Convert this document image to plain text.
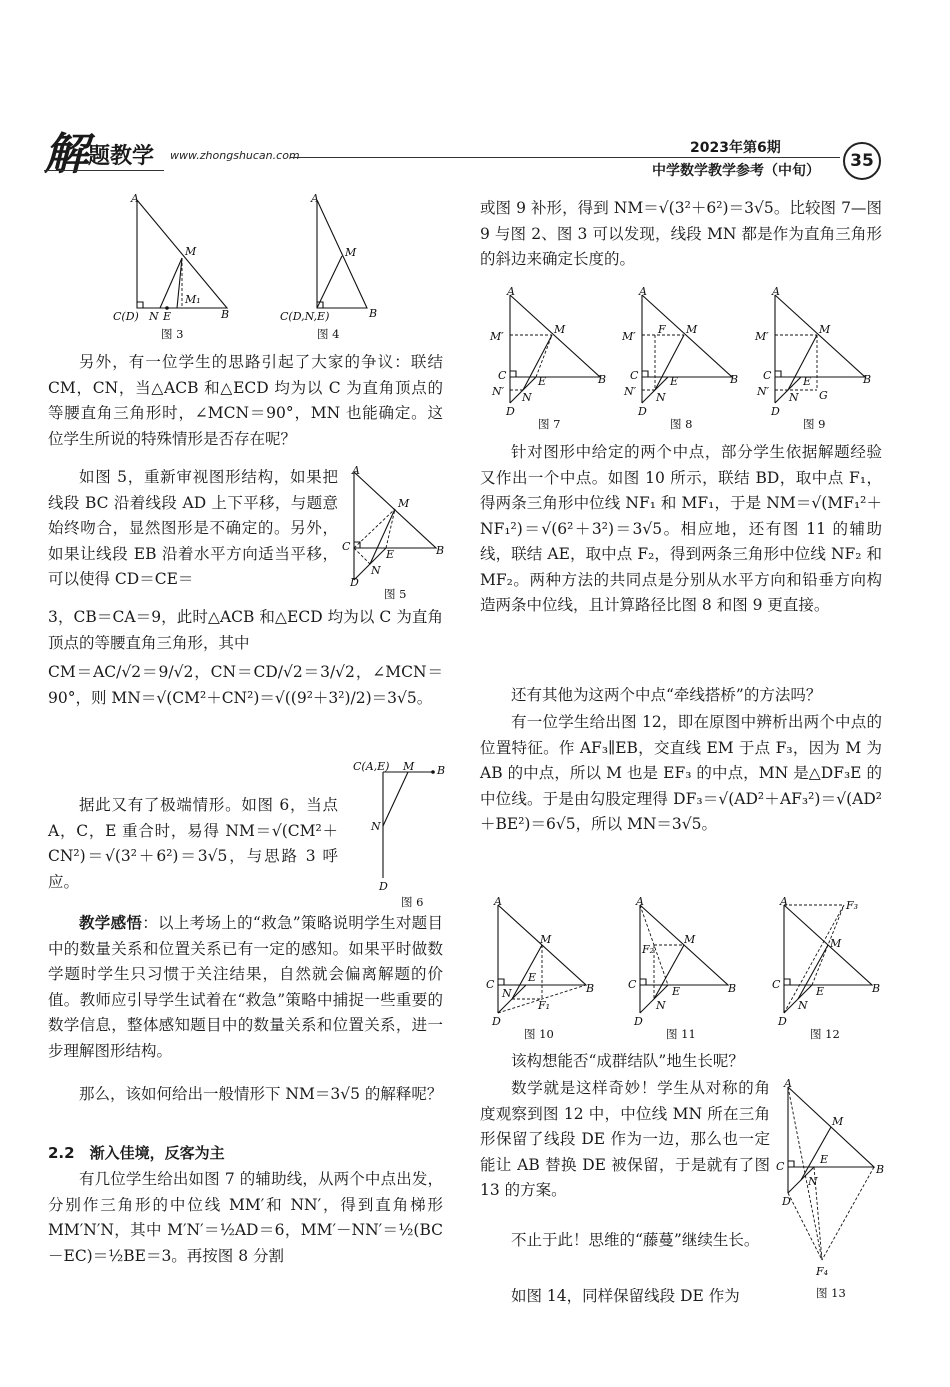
解题教学 www.zhongshucan.com	2023年第6期
中学数学教学参考（中旬）	35
A
M
M₁
C(D) N E	B
图 3
A
M
C(D,N,E)	B
图 4
另外，有一位学生的思路引起了大家的争议：联结 CM，CN，当△ACB 和△ECD 均为以 C 为直角顶点的等腰直角三角形时，∠MCN＝90°，MN 也能确定。这位学生所说的特殊情形是否存在呢？
如图 5，重新审视图形结构，如果把线段 BC 沿着线段 AD 上下平移，与题意始终吻合，显然图形是不确定的。另外，如果让线段 EB 沿着水平方向适当平移，可以使得 CD＝CE＝
A
M
C
E	B
N
D
图 5
3，CB＝CA＝9，此时△ACB 和△ECD 均为以 C 为直角顶点的等腰直角三角形，其中
CM＝AC/√2＝9/√2，CN＝CD/√2＝3/√2，∠MCN＝90°，则 MN＝√(CM²＋CN²)＝√((9²＋3²)/2)＝3√5。
据此又有了极端情形。如图 6，当点 A，C，E 重合时，易得 NM＝√(CM²＋CN²)＝√(3²＋6²)＝3√5，与思路 3 呼应。
C(A,E) M B
N
D
图 6
教学感悟：以上考场上的“救急”策略说明学生对题目中的数量关系和位置关系已有一定的感知。如果平时做数学题时学生只习惯于关注结果，自然就会偏离解题的价值。教师应引导学生试着在“救急”策略中捕捉一些重要的数学信息，整体感知题目中的数量关系和位置关系，进一步理解图形结构。
那么，该如何给出一般情形下 NM＝3√5 的解释呢？
2.2　渐入佳境，反客为主
有几位学生给出如图 7 的辅助线，从两个中点出发，分别作三角形的中位线 MM′和 NN′，得到直角梯形 MM′N′N，其中 M′N′＝½AD＝6，MM′－NN′＝½(BC－EC)＝½BE＝3。再按图 8 分割
或图 9 补形，得到 NM＝√(3²＋6²)＝3√5。比较图 7—图 9 与图 2、图 3 可以发现，线段 MN 都是作为直角三角形的斜边来确定长度的。
A
M
M′
C	E	B
N′ N
D
图 7
A
F M
M′
C	E	B
N′ N
D
图 8
A
M
M′
C	E	B
N′ N G
D
图 9
针对图形中给定的两个中点，部分学生依据解题经验又作出一个中点。如图 10 所示，联结 BD，取中点 F₁，得两条三角形中位线 NF₁ 和 MF₁，于是 NM＝√(MF₁²＋NF₁²)＝√(6²＋3²)＝3√5。相应地，还有图 11 的辅助线，联结 AE，取中点 F₂，得到两条三角形中位线 NF₂ 和 MF₂。两种方法的共同点是分别从水平方向和铅垂方向构造两条中位线，且计算路径比图 8 和图 9 更直接。
还有其他为这两个中点“牵线搭桥”的方法吗？
有一位学生给出图 12，即在原图中辨析出两个中点的位置特征。作 AF₃∥EB，交直线 EM 于点 F₃，因为 M 为 AB 的中点，所以 M 也是 EF₃ 的中点，MN 是△DF₃E 的中位线。于是由勾股定理得 DF₃＝√(AD²＋AF₃²)＝√(AD²＋BE²)＝6√5，所以 MN＝3√5。
A
M
C
E
B
N
F₁
D
图 10
A
F₂
M
C
E	B
N
D
图 11
A	F₃
M
C
E	B
N
D
图 12
该构想能否“成群结队”地生长呢？
数学就是这样奇妙！学生从对称的角度观察到图 12 中，中位线 MN 所在三角形保留了线段 DE 作为一边，那么也一定能让 AB 替换 DE 被保留，于是就有了图 13 的方案。
不止于此！思维的“藤蔓”继续生长。
如图 14，同样保留线段 DE 作为
A
M
C
E
B
N
D
F₄
图 13
